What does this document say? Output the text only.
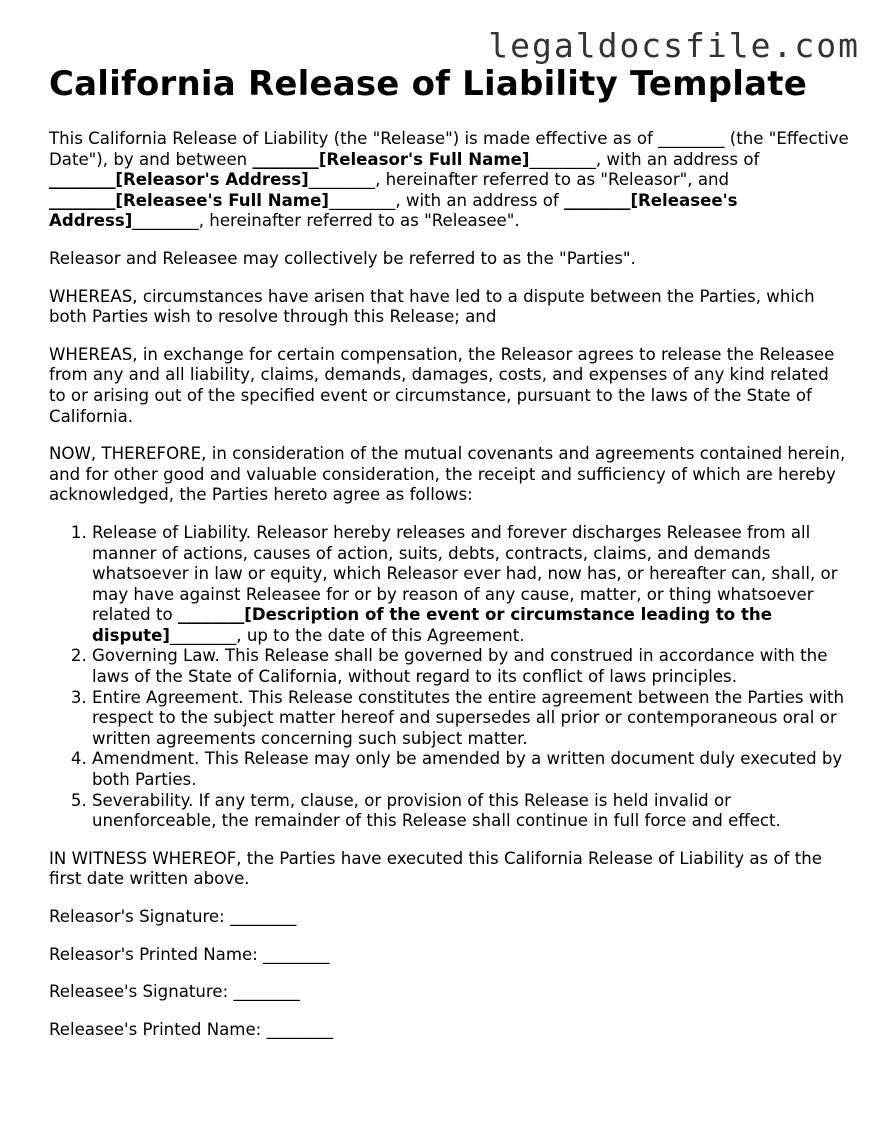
legaldocsfile.com
California Release of Liability Template

This California Release of Liability (the "Release") is made effective as of ________ (the "Effective Date"), by and between ________[Releasor's Full Name]________, with an address of ________[Releasor's Address]________, hereinafter referred to as "Releasor", and ________[Releasee's Full Name]________, with an address of ________[Releasee's Address]________, hereinafter referred to as "Releasee".

Releasor and Releasee may collectively be referred to as the "Parties".

WHEREAS, circumstances have arisen that have led to a dispute between the Parties, which both Parties wish to resolve through this Release; and

WHEREAS, in exchange for certain compensation, the Releasor agrees to release the Releasee from any and all liability, claims, demands, damages, costs, and expenses of any kind related to or arising out of the specified event or circumstance, pursuant to the laws of the State of California.

NOW, THEREFORE, in consideration of the mutual covenants and agreements contained herein, and for other good and valuable consideration, the receipt and sufficiency of which are hereby acknowledged, the Parties hereto agree as follows:

1. Release of Liability. Releasor hereby releases and forever discharges Releasee from all manner of actions, causes of action, suits, debts, contracts, claims, and demands whatsoever in law or equity, which Releasor ever had, now has, or hereafter can, shall, or may have against Releasee for or by reason of any cause, matter, or thing whatsoever related to ________[Description of the event or circumstance leading to the dispute]________, up to the date of this Agreement.
2. Governing Law. This Release shall be governed by and construed in accordance with the laws of the State of California, without regard to its conflict of laws principles.
3. Entire Agreement. This Release constitutes the entire agreement between the Parties with respect to the subject matter hereof and supersedes all prior or contemporaneous oral or written agreements concerning such subject matter.
4. Amendment. This Release may only be amended by a written document duly executed by both Parties.
5. Severability. If any term, clause, or provision of this Release is held invalid or unenforceable, the remainder of this Release shall continue in full force and effect.

IN WITNESS WHEREOF, the Parties have executed this California Release of Liability as of the first date written above.

Releasor's Signature: ________

Releasor's Printed Name: ________

Releasee's Signature: ________

Releasee's Printed Name: ________
